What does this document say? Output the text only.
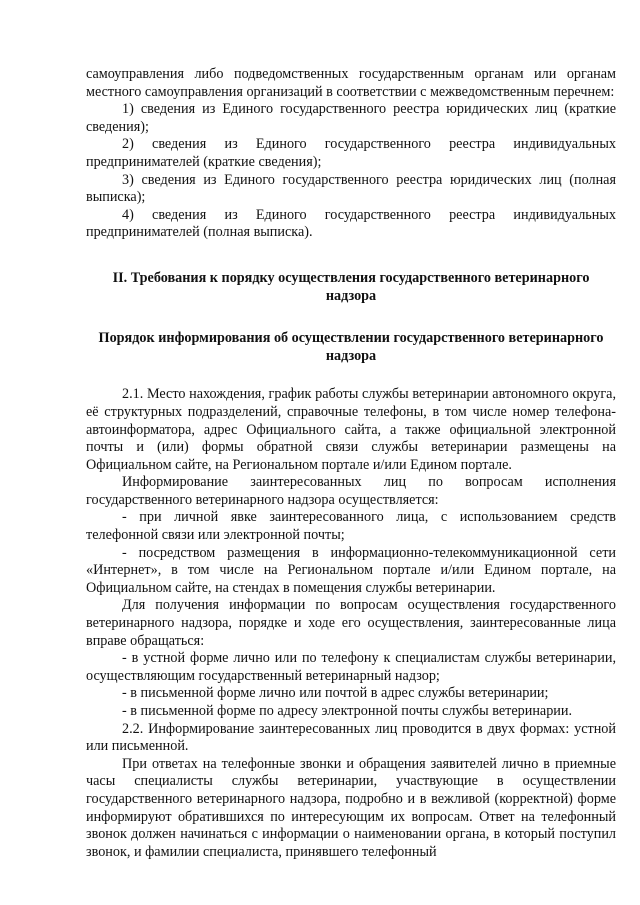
самоуправления либо подведомственных государственным органам или органам местного самоуправления организаций в соответствии с межведомственным перечнем:

1) сведения из Единого государственного реестра юридических лиц (краткие сведения);

2) сведения из Единого государственного реестра индивидуальных предпринимателей (краткие сведения);

3) сведения из Единого государственного реестра юридических лиц (полная выписка);

4) сведения из Единого государственного реестра индивидуальных предпринимателей (полная выписка).

II. Требования к порядку осуществления государственного ветеринарного надзора

Порядок информирования об осуществлении государственного ветеринарного надзора

2.1. Место нахождения, график работы службы ветеринарии автономного округа, её структурных подразделений, справочные телефоны, в том числе номер телефона-автоинформатора, адрес Официального сайта, а также официальной электронной почты и (или) формы обратной связи службы ветеринарии размещены на Официальном сайте, на Региональном портале и/или Едином портале.

Информирование заинтересованных лиц по вопросам исполнения государственного ветеринарного надзора осуществляется:

- при личной явке заинтересованного лица, с использованием средств телефонной связи или электронной почты;

- посредством размещения в информационно-телекоммуникационной сети «Интернет», в том числе на Региональном портале и/или Едином портале, на Официальном сайте, на стендах в помещения службы ветеринарии.

Для получения информации по вопросам осуществления государственного ветеринарного надзора, порядке и ходе его осуществления, заинтересованные лица вправе обращаться:

- в устной форме лично или по телефону к специалистам службы ветеринарии, осуществляющим государственный ветеринарный надзор;

- в письменной форме лично или почтой в адрес службы ветеринарии;

- в письменной форме по адресу электронной почты службы ветеринарии.

2.2. Информирование заинтересованных лиц проводится в двух формах: устной или письменной.

При ответах на телефонные звонки и обращения заявителей лично в приемные часы специалисты службы ветеринарии, участвующие в осуществлении государственного ветеринарного надзора, подробно и в вежливой (корректной) форме информируют обратившихся по интересующим их вопросам. Ответ на телефонный звонок должен начинаться с информации о наименовании органа, в который поступил звонок, и фамилии специалиста, принявшего телефонный
